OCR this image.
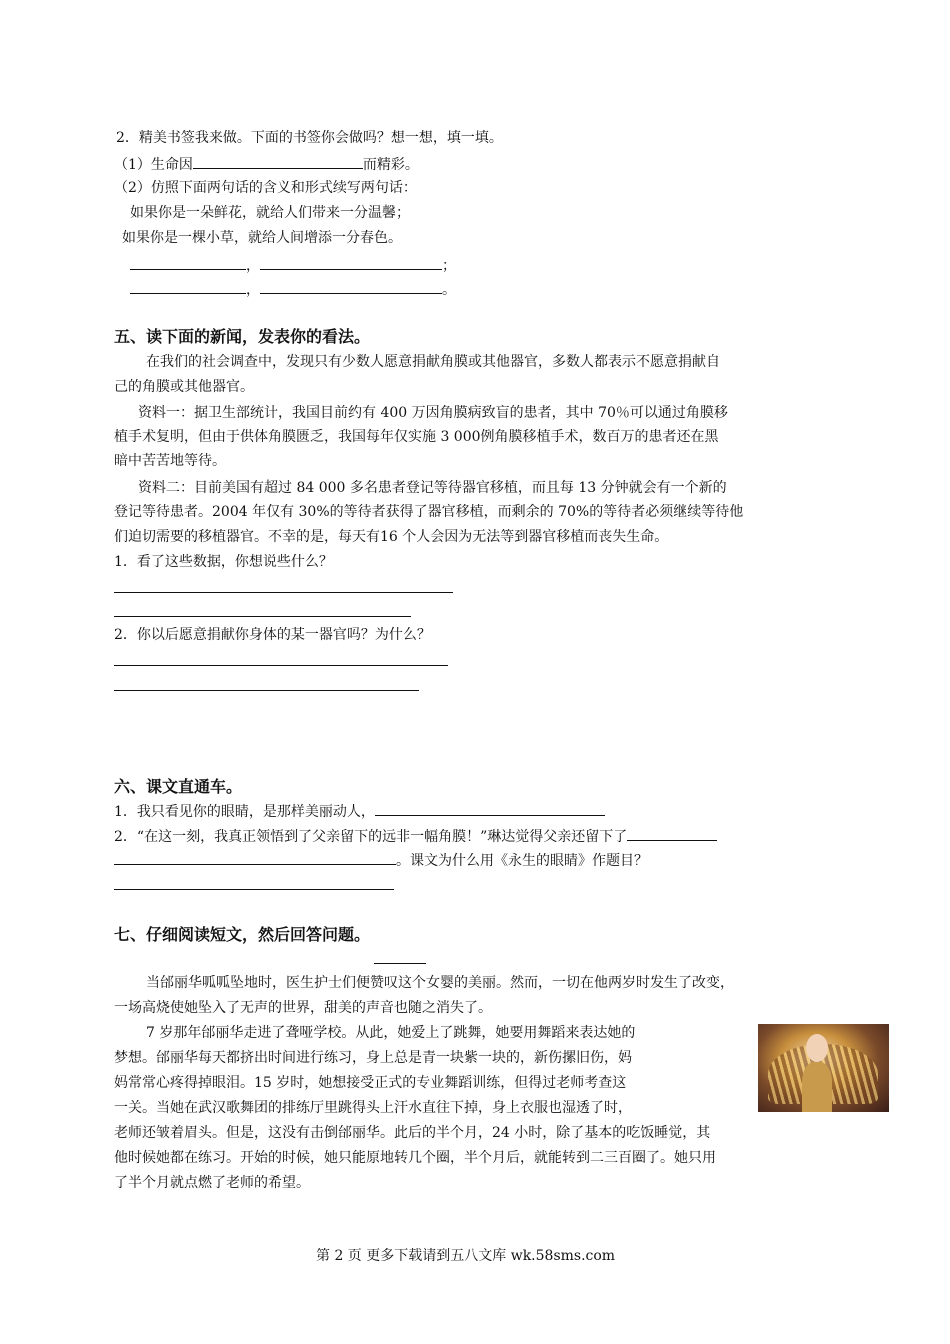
2．精美书签我来做。下面的书签你会做吗？想一想，填一填。
（1）生命因	而精彩。
（2）仿照下面两句话的含义和形式续写两句话：
如果你是一朵鲜花，就给人们带来一分温馨；
如果你是一棵小草，就给人间增添一分春色。
，	；
，	。
五、读下面的新闻，发表你的看法。
在我们的社会调查中，发现只有少数人愿意捐献角膜或其他器官，多数人都表示不愿意捐献自
己的角膜或其他器官。
资料一：据卫生部统计，我国目前约有 400 万因角膜病致盲的患者，其中 70％可以通过角膜移
植手术复明，但由于供体角膜匮乏，我国每年仅实施 3 000例角膜移植手术，数百万的患者还在黑
暗中苦苦地等待。
资料二：目前美国有超过 84 000 多名患者登记等待器官移植，而且每 13 分钟就会有一个新的
登记等待患者。2004 年仅有 30%的等待者获得了器官移植，而剩余的 70%的等待者必须继续等待他
们迫切需要的移植器官。不幸的是，每天有16 个人会因为无法等到器官移植而丧失生命。
1．看了这些数据，你想说些什么？
2．你以后愿意捐献你身体的某一器官吗？为什么？
六、课文直通车。
1．我只看见你的眼睛，是那样美丽动人，
2．“在这一刻，我真正领悟到了父亲留下的远非一幅角膜！”琳达觉得父亲还留下了
。课文为什么用《永生的眼睛》作题目？
七、仔细阅读短文，然后回答问题。
当邰丽华呱呱坠地时，医生护士们便赞叹这个女婴的美丽。然而，一切在他两岁时发生了改变，
一场高烧使她坠入了无声的世界，甜美的声音也随之消失了。
7 岁那年邰丽华走进了聋哑学校。从此，她爱上了跳舞，她要用舞蹈来表达她的
梦想。邰丽华每天都挤出时间进行练习，身上总是青一块紫一块的，新伤摞旧伤，妈
妈常常心疼得掉眼泪。15 岁时，她想接受正式的专业舞蹈训练，但得过老师考查这
一关。当她在武汉歌舞团的排练厅里跳得头上汗水直往下掉，身上衣服也湿透了时，
老师还皱着眉头。但是，这没有击倒邰丽华。此后的半个月，24 小时，除了基本的吃饭睡觉，其
他时候她都在练习。开始的时候，她只能原地转几个圈，半个月后，就能转到二三百圈了。她只用
了半个月就点燃了老师的希望。
第 2 页 更多下载请到五八文库 wk.58sms.com
